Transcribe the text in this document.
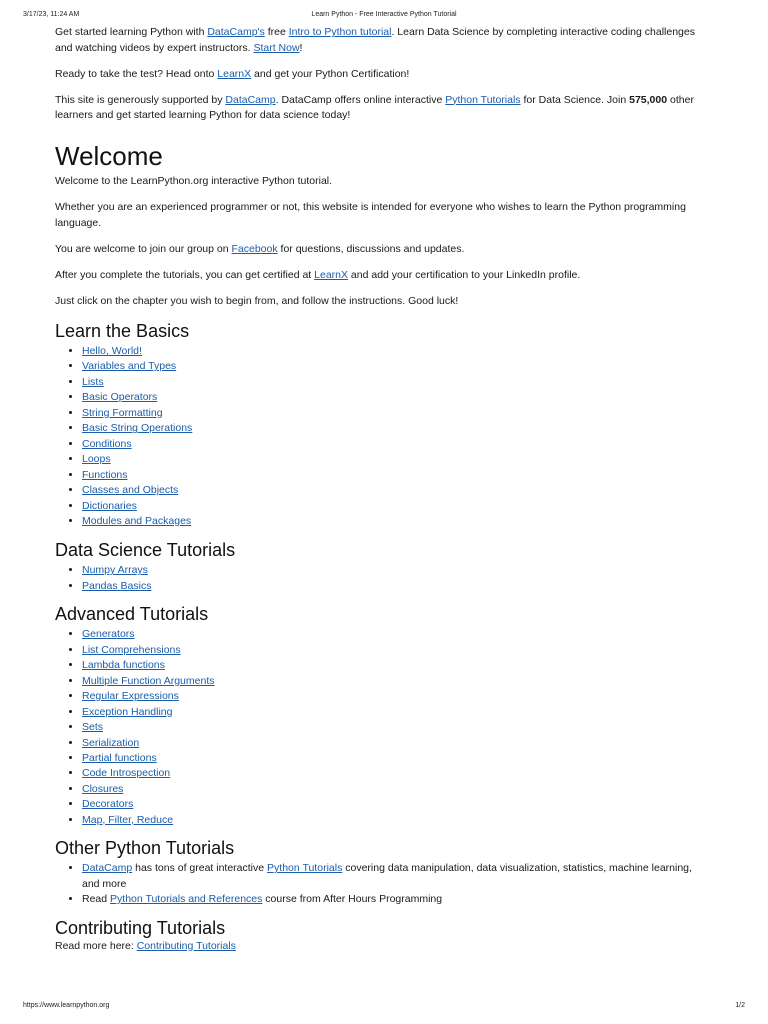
3/17/23, 11:24 AM	Learn Python - Free Interactive Python Tutorial

Get started learning Python with DataCamp's free Intro to Python tutorial. Learn Data Science by completing interactive coding challenges and watching videos by expert instructors. Start Now!

Ready to take the test? Head onto LearnX and get your Python Certification!

This site is generously supported by DataCamp. DataCamp offers online interactive Python Tutorials for Data Science. Join 575,000 other learners and get started learning Python for data science today!

Welcome

Welcome to the LearnPython.org interactive Python tutorial.

Whether you are an experienced programmer or not, this website is intended for everyone who wishes to learn the Python programming language.

You are welcome to join our group on Facebook for questions, discussions and updates.

After you complete the tutorials, you can get certified at LearnX and add your certification to your LinkedIn profile.

Just click on the chapter you wish to begin from, and follow the instructions. Good luck!

Learn the Basics
• Hello, World!
• Variables and Types
• Lists
• Basic Operators
• String Formatting
• Basic String Operations
• Conditions
• Loops
• Functions
• Classes and Objects
• Dictionaries
• Modules and Packages
Data Science Tutorials
• Numpy Arrays
• Pandas Basics
Advanced Tutorials
• Generators
• List Comprehensions
• Lambda functions
• Multiple Function Arguments
• Regular Expressions
• Exception Handling
• Sets
• Serialization
• Partial functions
• Code Introspection
• Closures
• Decorators
• Map, Filter, Reduce
Other Python Tutorials
• DataCamp has tons of great interactive Python Tutorials covering data manipulation, data visualization, statistics, machine learning, and more
• Read Python Tutorials and References course from After Hours Programming
Contributing Tutorials

Read more here: Contributing Tutorials

https://www.learnpython.org	1/2
